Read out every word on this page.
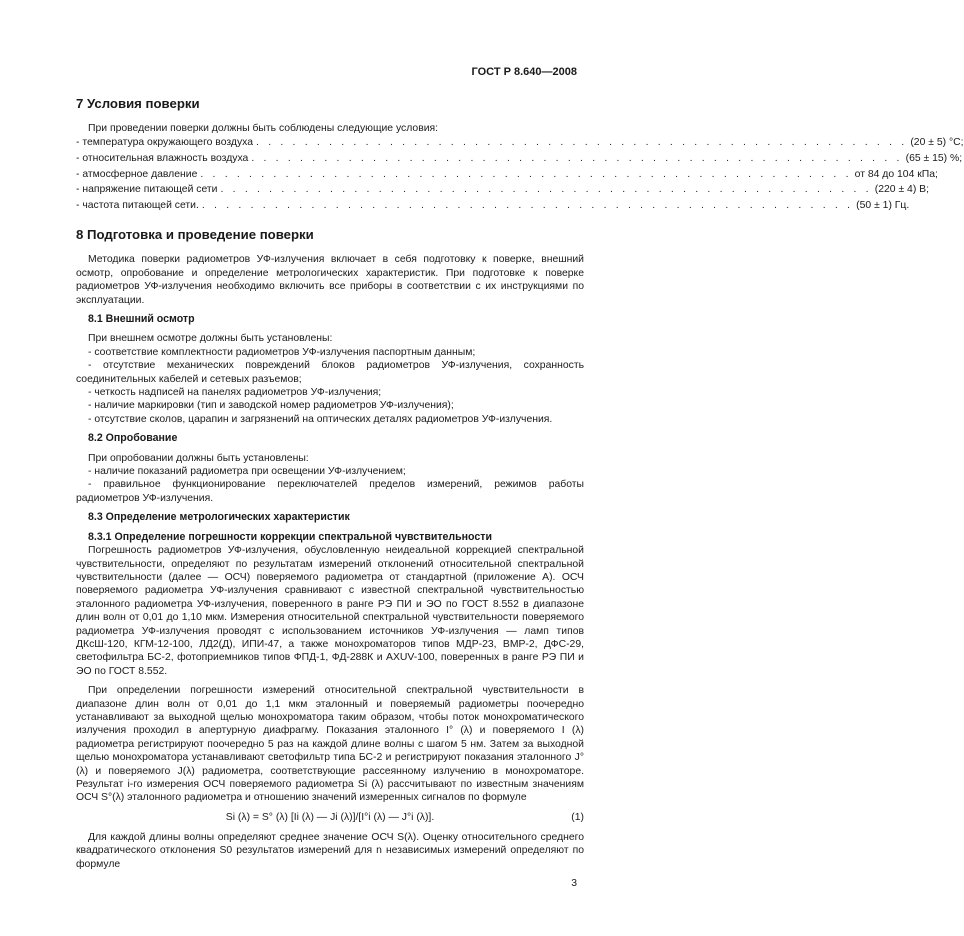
ГОСТ Р 8.640—2008
7 Условия поверки

При проведении поверки должны быть соблюдены следующие условия:

- температура окружающего воздуха . . . . . . . . . . . . . . . . . . . . . . . . . . . . . . . . . . . . . . . . . . . . . . . . . . . . . . (20 ± 5) °С;
- относительная влажность воздуха . . . . . . . . . . . . . . . . . . . . . . . . . . . . . . . . . . . . . . . . . . . . . . . . . . . . . . (65 ± 15) %;
- атмосферное давление . . . . . . . . . . . . . . . . . . . . . . . . . . . . . . . . . . . . . . . . . . . . . . . . . . . . . . от 84 до 104 кПа;
- напряжение питающей сети . . . . . . . . . . . . . . . . . . . . . . . . . . . . . . . . . . . . . . . . . . . . . . . . . . . . . . (220 ± 4) В;
- частота питающей сети. . . . . . . . . . . . . . . . . . . . . . . . . . . . . . . . . . . . . . . . . . . . . . . . . . . . . . . (50 ± 1) Гц.
8 Подготовка и проведение поверки

Методика поверки радиометров УФ-излучения включает в себя подготовку к поверке, внешний осмотр, опробование и определение метрологических характеристик. При подготовке к поверке радиометров УФ-излучения необходимо включить все приборы в соответствии с их инструкциями по эксплуатации.

8.1 Внешний осмотр

При внешнем осмотре должны быть установлены:

- соответствие комплектности радиометров УФ-излучения паспортным данным;

- отсутствие механических повреждений блоков радиометров УФ-излучения, сохранность соединительных кабелей и сетевых разъемов;

- четкость надписей на панелях радиометров УФ-излучения;

- наличие маркировки (тип и заводской номер радиометров УФ-излучения);

- отсутствие сколов, царапин и загрязнений на оптических деталях радиометров УФ-излучения.

8.2 Опробование

При опробовании должны быть установлены:

- наличие показаний радиометра при освещении УФ-излучением;

- правильное функционирование переключателей пределов измерений, режимов работы радиометров УФ-излучения.

8.3 Определение метрологических характеристик
8.3.1 Определение погрешности коррекции спектральной чувствительности

Погрешность радиометров УФ-излучения, обусловленную неидеальной коррекцией спектральной чувствительности, определяют по результатам измерений отклонений относительной спектральной чувствительности (далее — ОСЧ) поверяемого радиометра от стандартной (приложение А). ОСЧ поверяемого радиометра УФ-излучения сравнивают с известной спектральной чувствительностью эталонного радиометра УФ-излучения, поверенного в ранге РЭ ПИ и ЭО по ГОСТ 8.552 в диапазоне длин волн от 0,01 до 1,10 мкм. Измерения относительной спектральной чувствительности поверяемого радиометра УФ-излучения проводят с использованием источников УФ-излучения — ламп типов ДКсШ-120, КГМ-12-100, ЛД2(Д), ИПИ-47, а также монохроматоров типов МДР-23, ВМР-2, ДФС-29, светофильтра БС-2, фотоприемников типов ФПД-1, ФД-288К и AXUV-100, поверенных в ранге РЭ ПИ и ЭО по ГОСТ 8.552.

При определении погрешности измерений относительной спектральной чувствительности в диапазоне длин волн от 0,01 до 1,1 мкм эталонный и поверяемый радиометры поочередно устанавливают за выходной щелью монохроматора таким образом, чтобы поток монохроматического излучения проходил в апертурную диафрагму. Показания эталонного I° (λ) и поверяемого I (λ) радиометра регистрируют поочередно 5 раз на каждой длине волны с шагом 5 нм. Затем за выходной щелью монохроматора устанавливают светофильтр типа БС-2 и регистрируют показания эталонного J° (λ) и поверяемого J(λ) радиометра, соответствующие рассеянному излучению в монохроматоре. Результат i-го измерения ОСЧ поверяемого радиометра Si (λ) рассчитывают по известным значениям ОСЧ S°(λ) эталонного радиометра и отношению значений измеренных сигналов по формуле

Si (λ) = S° (λ) [Ii (λ) — Ji (λ)]/[I°i (λ) — J°i (λ)].	(1)

Для каждой длины волны определяют среднее значение ОСЧ S(λ). Оценку относительного среднего квадратического отклонения S0 результатов измерений для n независимых измерений определяют по формуле

3
